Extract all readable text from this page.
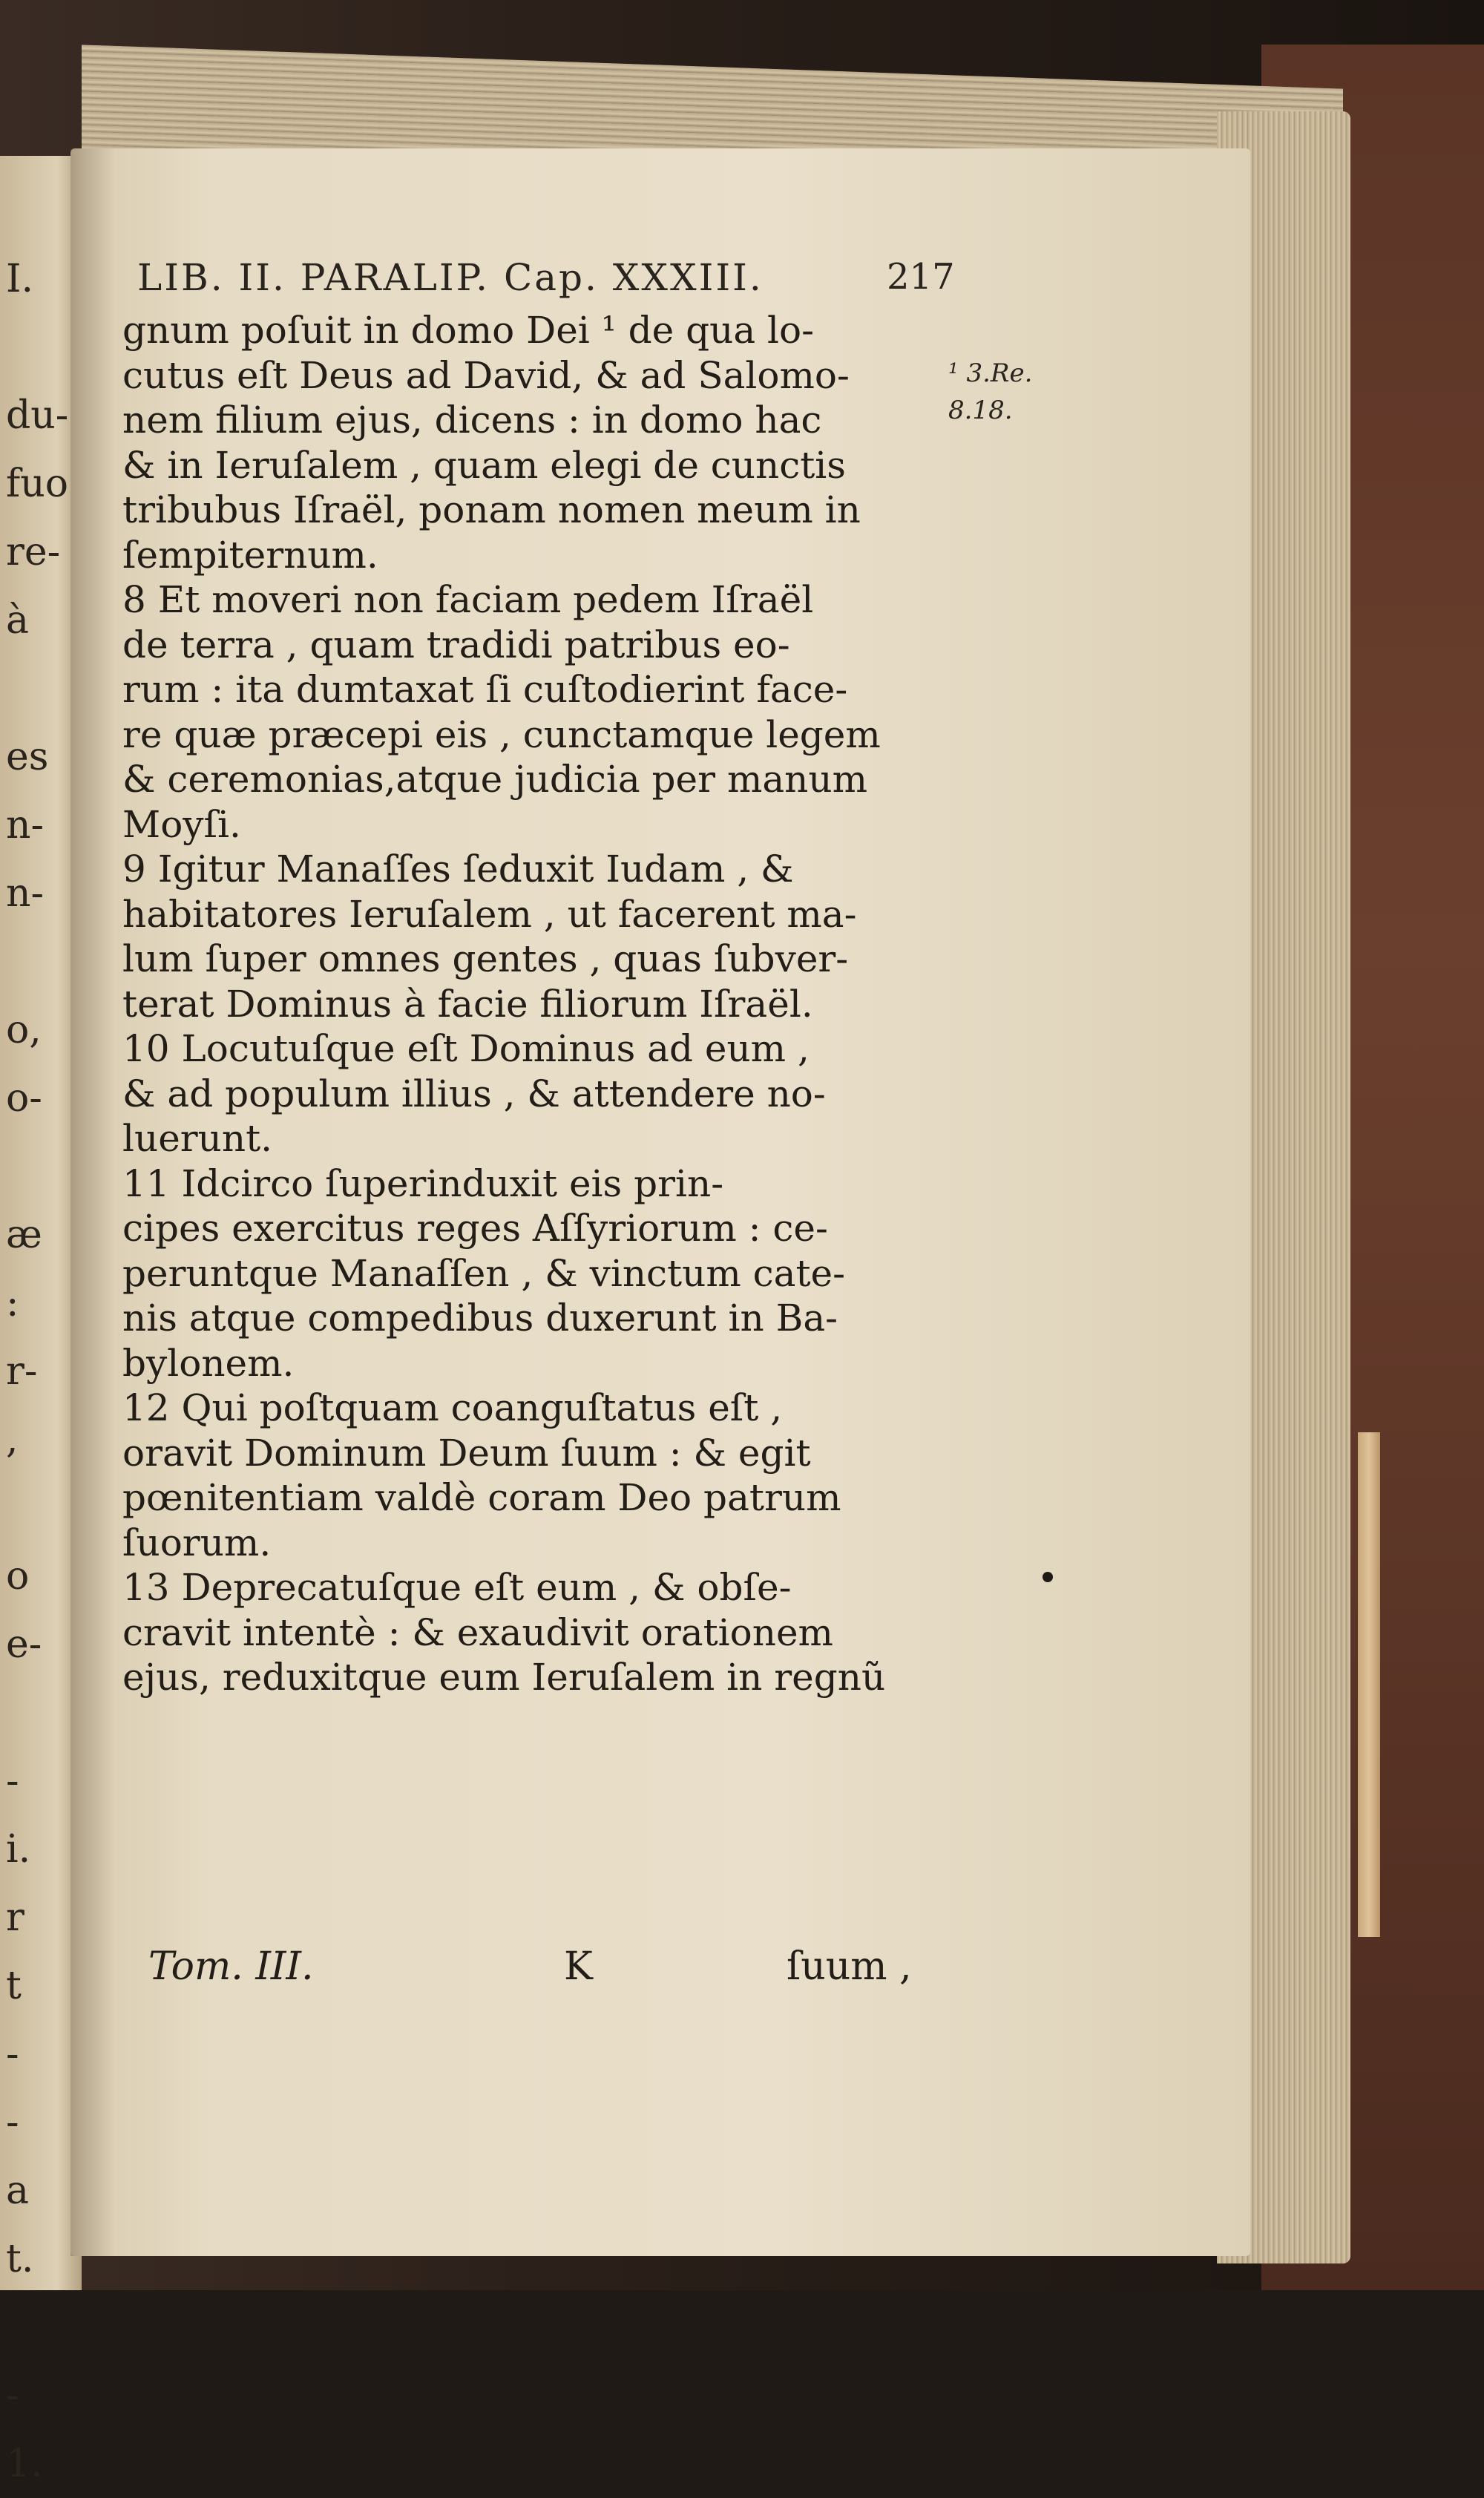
I.
du-
fuo
re-
à
es
n-
n-
o,
o-
æ
:
r-
,
o
e-
-
i.
r
t
-
-
a
t.
-
1.
LIB. II. PARALIP. Cap. XXXIII.	217
¹ 3.Re.
8.18.
gnum poſuit in domo Dei ¹ de qua lo-
cutus eſt Deus ad David, & ad Salomo-
nem filium ejus, dicens : in domo hac
& in Ieruſalem , quam elegi de cunctis
tribubus Iſraël, ponam nomen meum in
ſempiternum.
8 Et moveri non faciam pedem Iſraël
de terra , quam tradidi patribus eo-
rum : ita dumtaxat ſi cuſtodierint face-
re quæ præcepi eis , cunctamque legem
& ceremonias,atque judicia per manum
Moyſi.
9 Igitur Manaſſes ſeduxit Iudam , &
habitatores Ieruſalem , ut facerent ma-
lum ſuper omnes gentes , quas ſubver-
terat Dominus à facie filiorum Iſraël.
10 Locutuſque eſt Dominus ad eum ,
& ad populum illius , & attendere no-
luerunt.
11 Idcirco ſuperinduxit eis prin-
cipes exercitus reges Aſſyriorum : ce-
peruntque Manaſſen , & vinctum cate-
nis atque compedibus duxerunt in Ba-
bylonem.
12 Qui poſtquam coanguſtatus eſt ,
oravit Dominum Deum ſuum : & egit
pœnitentiam valdè coram Deo patrum
ſuorum.
13 Deprecatuſque eſt eum , & obſe-
cravit intentè : & exaudivit orationem
ejus, reduxitque eum Ieruſalem in regnũ
Tom. III.	K	ſuum ,
